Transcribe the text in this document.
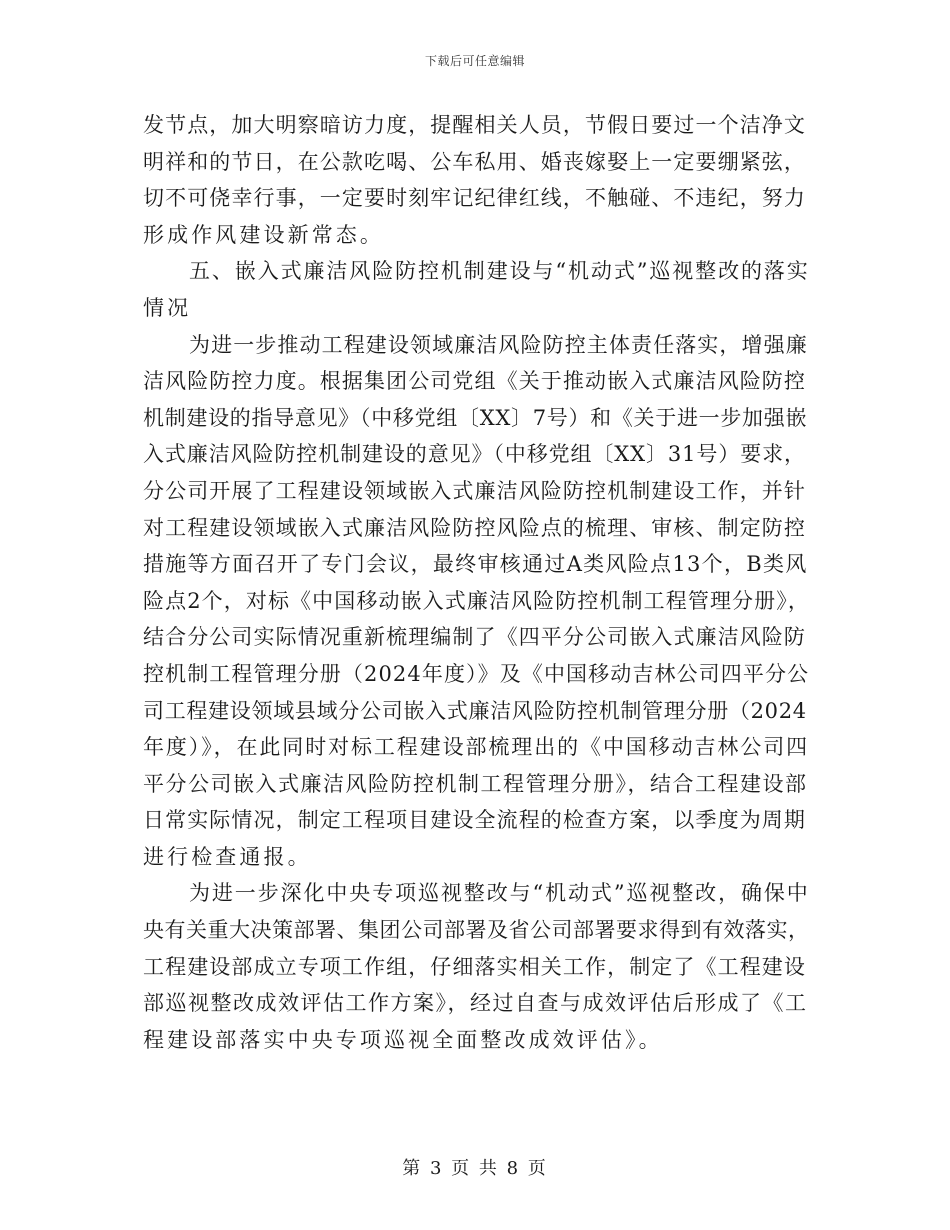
下载后可任意编辑
发节点，加大明察暗访力度，提醒相关人员，节假日要过一个洁净文
明祥和的节日，在公款吃喝、公车私用、婚丧嫁娶上一定要绷紧弦，
切不可侥幸行事，一定要时刻牢记纪律红线，不触碰、不违纪，努力
形成作风建设新常态。
五、嵌入式廉洁风险防控机制建设与“机动式”巡视整改的落实
情况
为进一步推动工程建设领域廉洁风险防控主体责任落实，增强廉
洁风险防控力度。根据集团公司党组《关于推动嵌入式廉洁风险防控
机制建设的指导意见》（中移党组〔XX〕7号）和《关于进一步加强嵌
入式廉洁风险防控机制建设的意见》（中移党组〔XX〕31号）要求，
分公司开展了工程建设领域嵌入式廉洁风险防控机制建设工作，并针
对工程建设领域嵌入式廉洁风险防控风险点的梳理、审核、制定防控
措施等方面召开了专门会议，最终审核通过A类风险点13个，B类风
险点2个，对标《中国移动嵌入式廉洁风险防控机制工程管理分册》，
结合分公司实际情况重新梳理编制了《四平分公司嵌入式廉洁风险防
控机制工程管理分册（2024年度）》及《中国移动吉林公司四平分公
司工程建设领域县域分公司嵌入式廉洁风险防控机制管理分册（2024
年度）》，在此同时对标工程建设部梳理出的《中国移动吉林公司四
平分公司嵌入式廉洁风险防控机制工程管理分册》，结合工程建设部
日常实际情况，制定工程项目建设全流程的检查方案，以季度为周期
进行检查通报。
为进一步深化中央专项巡视整改与“机动式”巡视整改，确保中
央有关重大决策部署、集团公司部署及省公司部署要求得到有效落实，
工程建设部成立专项工作组，仔细落实相关工作，制定了《工程建设
部巡视整改成效评估工作方案》，经过自查与成效评估后形成了《工
程建设部落实中央专项巡视全面整改成效评估》。
第 3 页 共 8 页
